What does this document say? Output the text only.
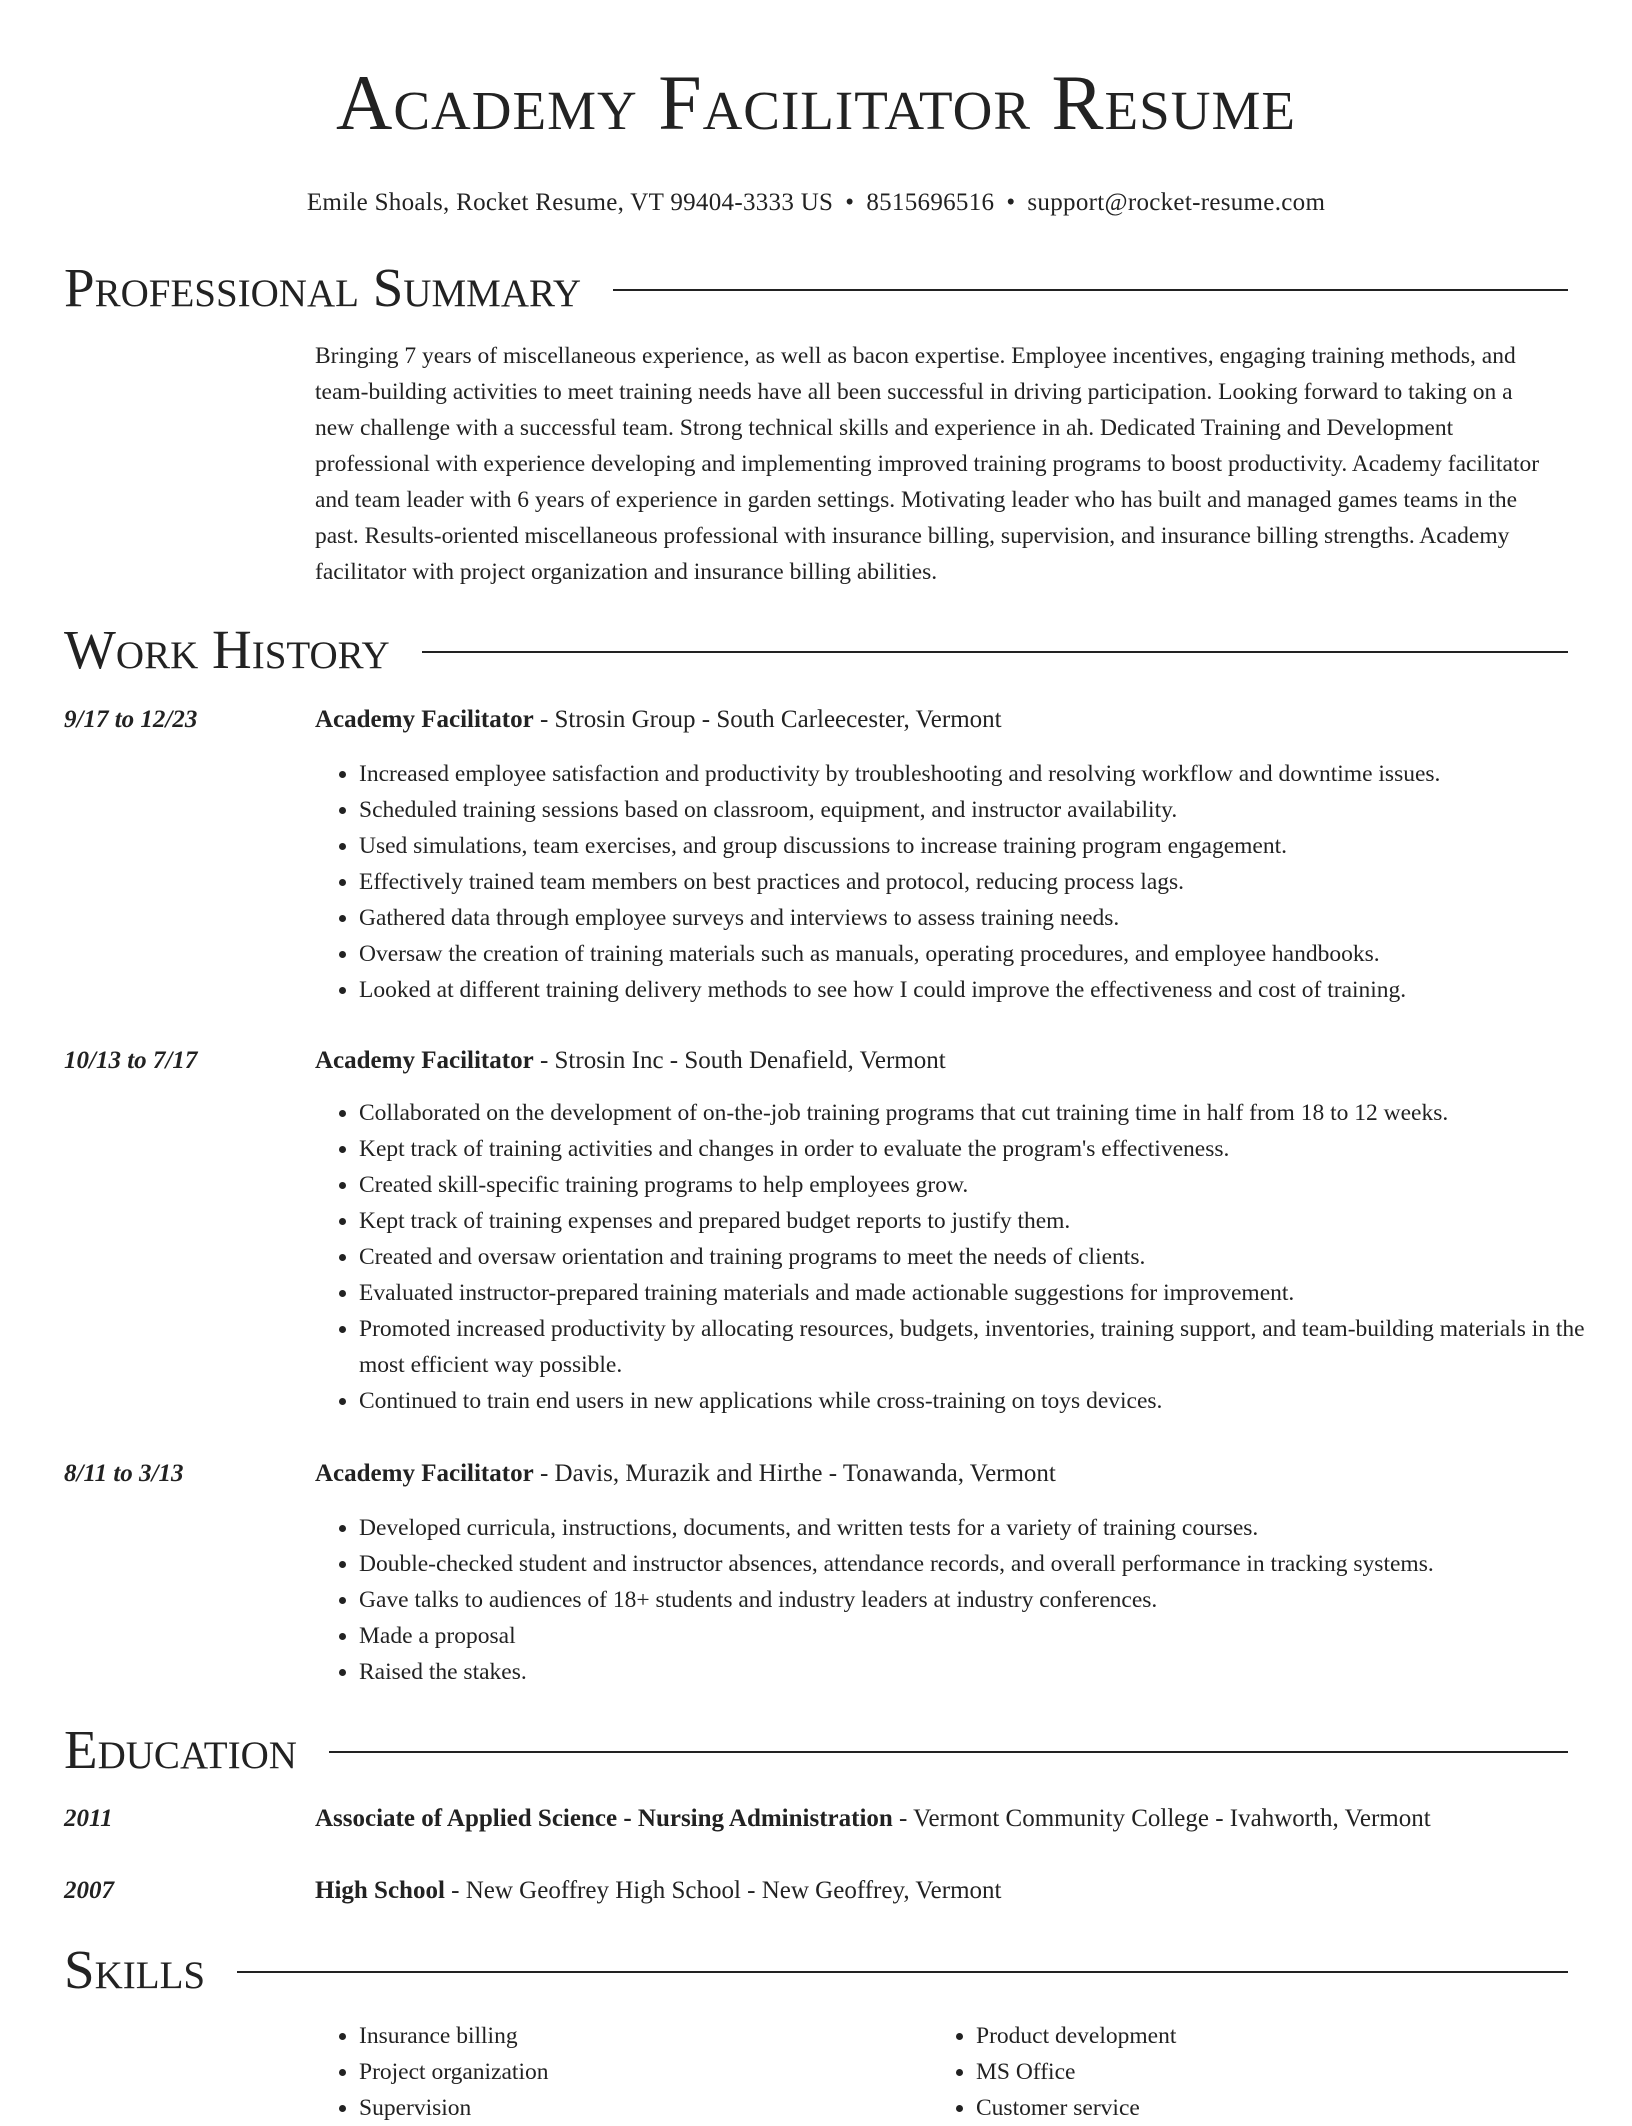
Academy Facilitator Resume
Emile Shoals, Rocket Resume, VT 99404-3333 US • 8515696516 • support@rocket-resume.com
Professional Summary
Bringing 7 years of miscellaneous experience, as well as bacon expertise. Employee incentives, engaging training methods, and team-building activities to meet training needs have all been successful in driving participation. Looking forward to taking on a new challenge with a successful team. Strong technical skills and experience in ah. Dedicated Training and Development professional with experience developing and implementing improved training programs to boost productivity. Academy facilitator and team leader with 6 years of experience in garden settings. Motivating leader who has built and managed games teams in the past. Results-oriented miscellaneous professional with insurance billing, supervision, and insurance billing strengths. Academy facilitator with project organization and insurance billing abilities.
Work History
9/17 to 12/23	Academy Facilitator - Strosin Group - South Carleecester, Vermont
• Increased employee satisfaction and productivity by troubleshooting and resolving workflow and downtime issues.
• Scheduled training sessions based on classroom, equipment, and instructor availability.
• Used simulations, team exercises, and group discussions to increase training program engagement.
• Effectively trained team members on best practices and protocol, reducing process lags.
• Gathered data through employee surveys and interviews to assess training needs.
• Oversaw the creation of training materials such as manuals, operating procedures, and employee handbooks.
• Looked at different training delivery methods to see how I could improve the effectiveness and cost of training.
10/13 to 7/17	Academy Facilitator - Strosin Inc - South Denafield, Vermont
• Collaborated on the development of on-the-job training programs that cut training time in half from 18 to 12 weeks.
• Kept track of training activities and changes in order to evaluate the program's effectiveness.
• Created skill-specific training programs to help employees grow.
• Kept track of training expenses and prepared budget reports to justify them.
• Created and oversaw orientation and training programs to meet the needs of clients.
• Evaluated instructor-prepared training materials and made actionable suggestions for improvement.
• Promoted increased productivity by allocating resources, budgets, inventories, training support, and team-building materials in the most efficient way possible.
• Continued to train end users in new applications while cross-training on toys devices.
8/11 to 3/13	Academy Facilitator - Davis, Murazik and Hirthe - Tonawanda, Vermont
• Developed curricula, instructions, documents, and written tests for a variety of training courses.
• Double-checked student and instructor absences, attendance records, and overall performance in tracking systems.
• Gave talks to audiences of 18+ students and industry leaders at industry conferences.
• Made a proposal
• Raised the stakes.
Education
2011	Associate of Applied Science - Nursing Administration - Vermont Community College - Ivahworth, Vermont
2007	High School - New Geoffrey High School - New Geoffrey, Vermont
Skills
• Insurance billing
• Project organization
• Supervision
• Product development
• MS Office
• Customer service
